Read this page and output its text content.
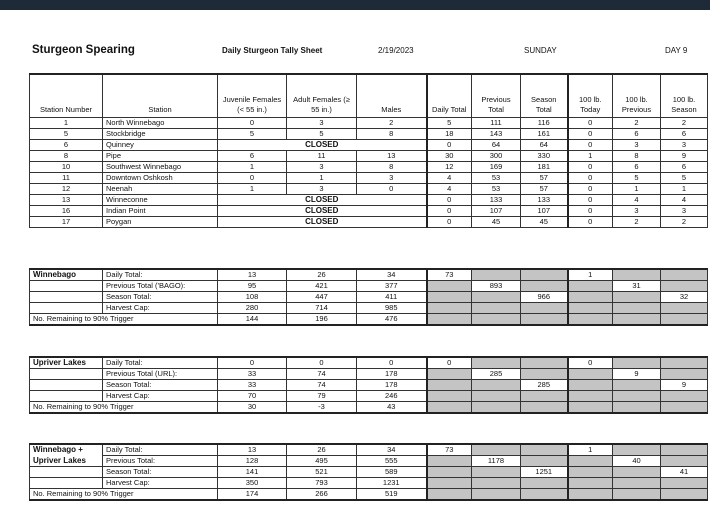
Sturgeon Spearing	Daily Sturgeon Tally Sheet	2/19/2023	SUNDAY	DAY 9
Station Number	Station	Juvenile Females (< 55 in.)	Adult Females (≥ 55 in.)	Males	Daily Total	Previous Total	Season Total	100 lb. Today	100 lb. Previous	100 lb. Season
1	North Winnebago	0	3	2	5	111	116	0	2	2
5	Stockbridge	5	5	8	18	143	161	0	6	6
6	Quinney	CLOSED			0	64	64	0	3	3
8	Pipe	6	11	13	30	300	330	1	8	9
10	Southwest Winnebago	1	3	8	12	169	181	0	6	6
11	Downtown Oshkosh	0	1	3	4	53	57	0	5	5
12	Neenah	1	3	0	4	53	57	0	1	1
13	Winneconne	CLOSED			0	133	133	0	4	4
16	Indian Point	CLOSED			0	107	107	0	3	3
17	Poygan	CLOSED			0	45	45	0	2	2
Winnebago	Daily Total:	13	26	34	73			1		
	Previous Total ('BAGO):	95	421	377		893			31	
	Season Total:	108	447	411			966			32
	Harvest Cap:	280	714	985						
No. Remaining to 90% Trigger		144	196	476						
Upriver Lakes	Daily Total:	0	0	0	0			0		
	Previous Total (URL):	33	74	178		285			9	
	Season Total:	33	74	178			285			9
	Harvest Cap:	70	79	246						
No. Remaining to 90% Trigger		30	-3	43						
Winnebago +	Daily Total:	13	26	34	73			1		
Upriver Lakes	Previous Total:	128	495	555		1178			40	
	Season Total:	141	521	589			1251			41
	Harvest Cap:	350	793	1231						
No. Remaining to 90% Trigger		174	266	519						
